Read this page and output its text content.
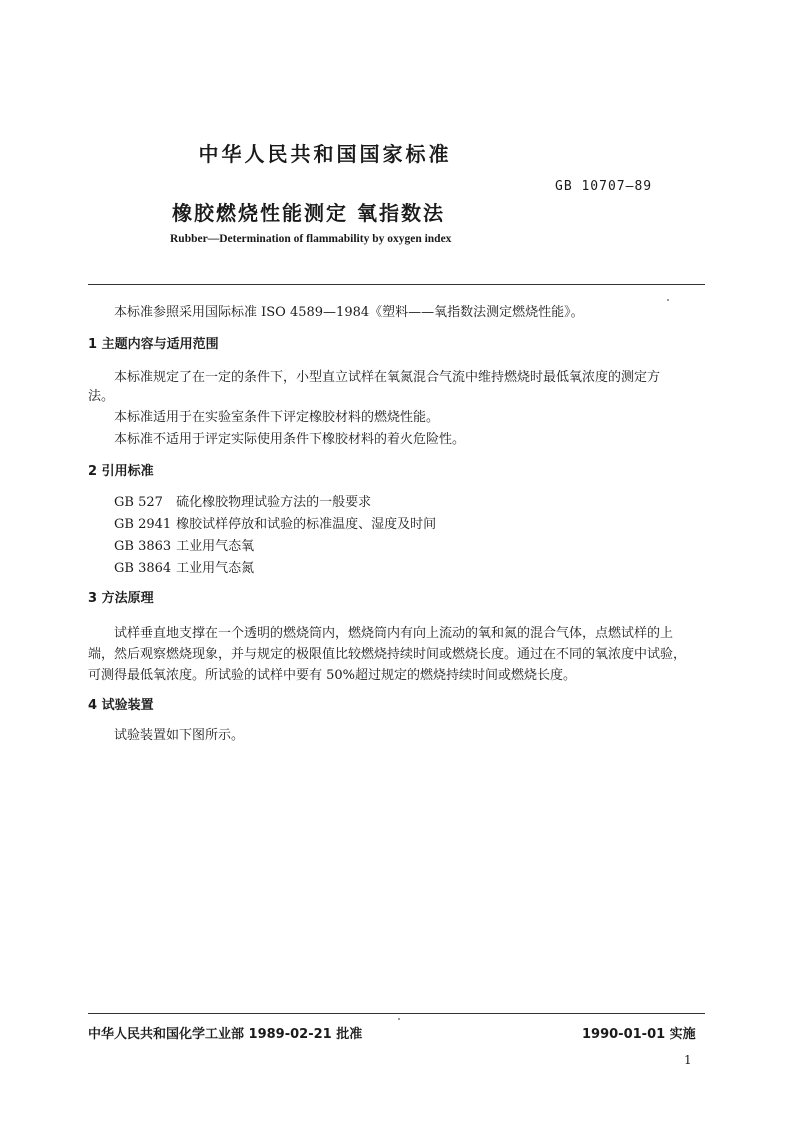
中华人民共和国国家标准
GB 10707—89
橡胶燃烧性能测定 氧指数法
Rubber—Determination of flammability by oxygen index
本标准参照采用国际标准 ISO 4589—1984《塑料——氧指数法测定燃烧性能》。
1 主题内容与适用范围
本标准规定了在一定的条件下，小型直立试样在氧氮混合气流中维持燃烧时最低氧浓度的测定方
法。
本标准适用于在实验室条件下评定橡胶材料的燃烧性能。
本标准不适用于评定实际使用条件下橡胶材料的着火危险性。
2 引用标准
GB 527 硫化橡胶物理试验方法的一般要求
GB 2941 橡胶试样停放和试验的标准温度、湿度及时间
GB 3863 工业用气态氧
GB 3864 工业用气态氮
3 方法原理
试样垂直地支撑在一个透明的燃烧筒内，燃烧筒内有向上流动的氧和氮的混合气体，点燃试样的上
端，然后观察燃烧现象，并与规定的极限值比较燃烧持续时间或燃烧长度。通过在不同的氧浓度中试验，
可测得最低氧浓度。所试验的试样中要有 50%超过规定的燃烧持续时间或燃烧长度。
4 试验装置
试验装置如下图所示。
中华人民共和国化学工业部 1989-02-21 批准	1990-01-01 实施
1
